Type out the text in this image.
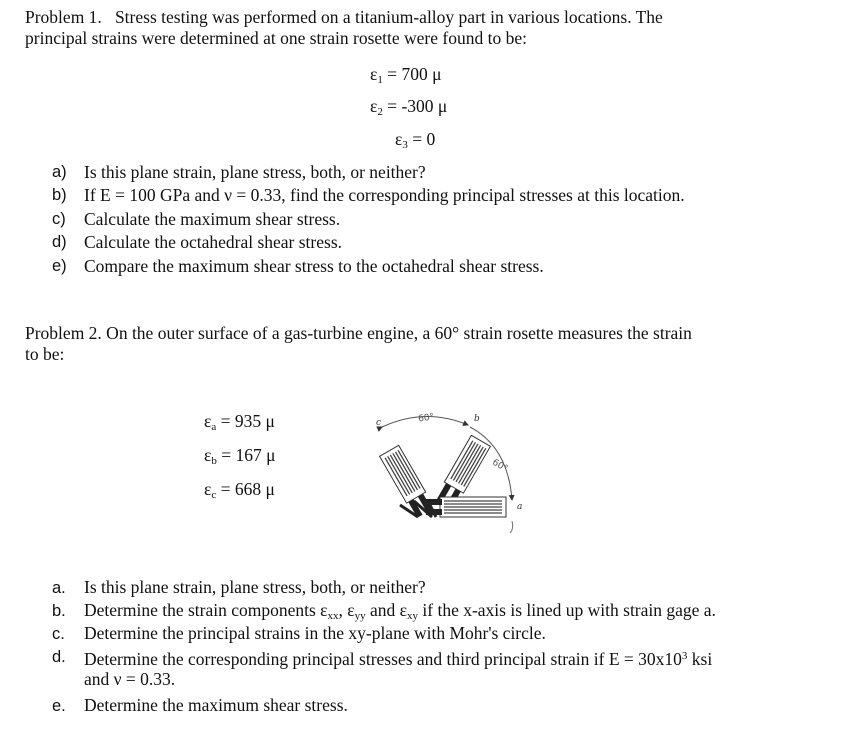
Problem 1. Stress testing was performed on a titanium-alloy part in various locations. The
principal strains were determined at one strain rosette were found to be:
$\varepsilon_1 = 700$ μ
$\varepsilon_2 = -300$ μ
$\varepsilon_3 = 0$
a) Is this plane strain, plane stress, both, or neither?
b) If E = 100 GPa and ν = 0.33, find the corresponding principal stresses at this location.
c) Calculate the maximum shear stress.
d) Calculate the octahedral shear stress.
e) Compare the maximum shear stress to the octahedral shear stress.
Problem 2. On the outer surface of a gas-turbine engine, a 60° strain rosette measures the strain
to be:
$\varepsilon_a = 935$ μ
$\varepsilon_b = 167$ μ
$\varepsilon_c = 668$ μ
60°
60°
c	b
a
a. Is this plane strain, plane stress, both, or neither?
b. Determine the strain components $\varepsilon_{xx}$, $\varepsilon_{yy}$ and $\varepsilon_{xy}$ if the x-axis is lined up with strain gage a.
c. Determine the principal strains in the xy-plane with Mohr's circle.
d. Determine the corresponding principal stresses and third principal strain if $E = 30x10^3$ ksi
and ν = 0.33.
e. Determine the maximum shear stress.
